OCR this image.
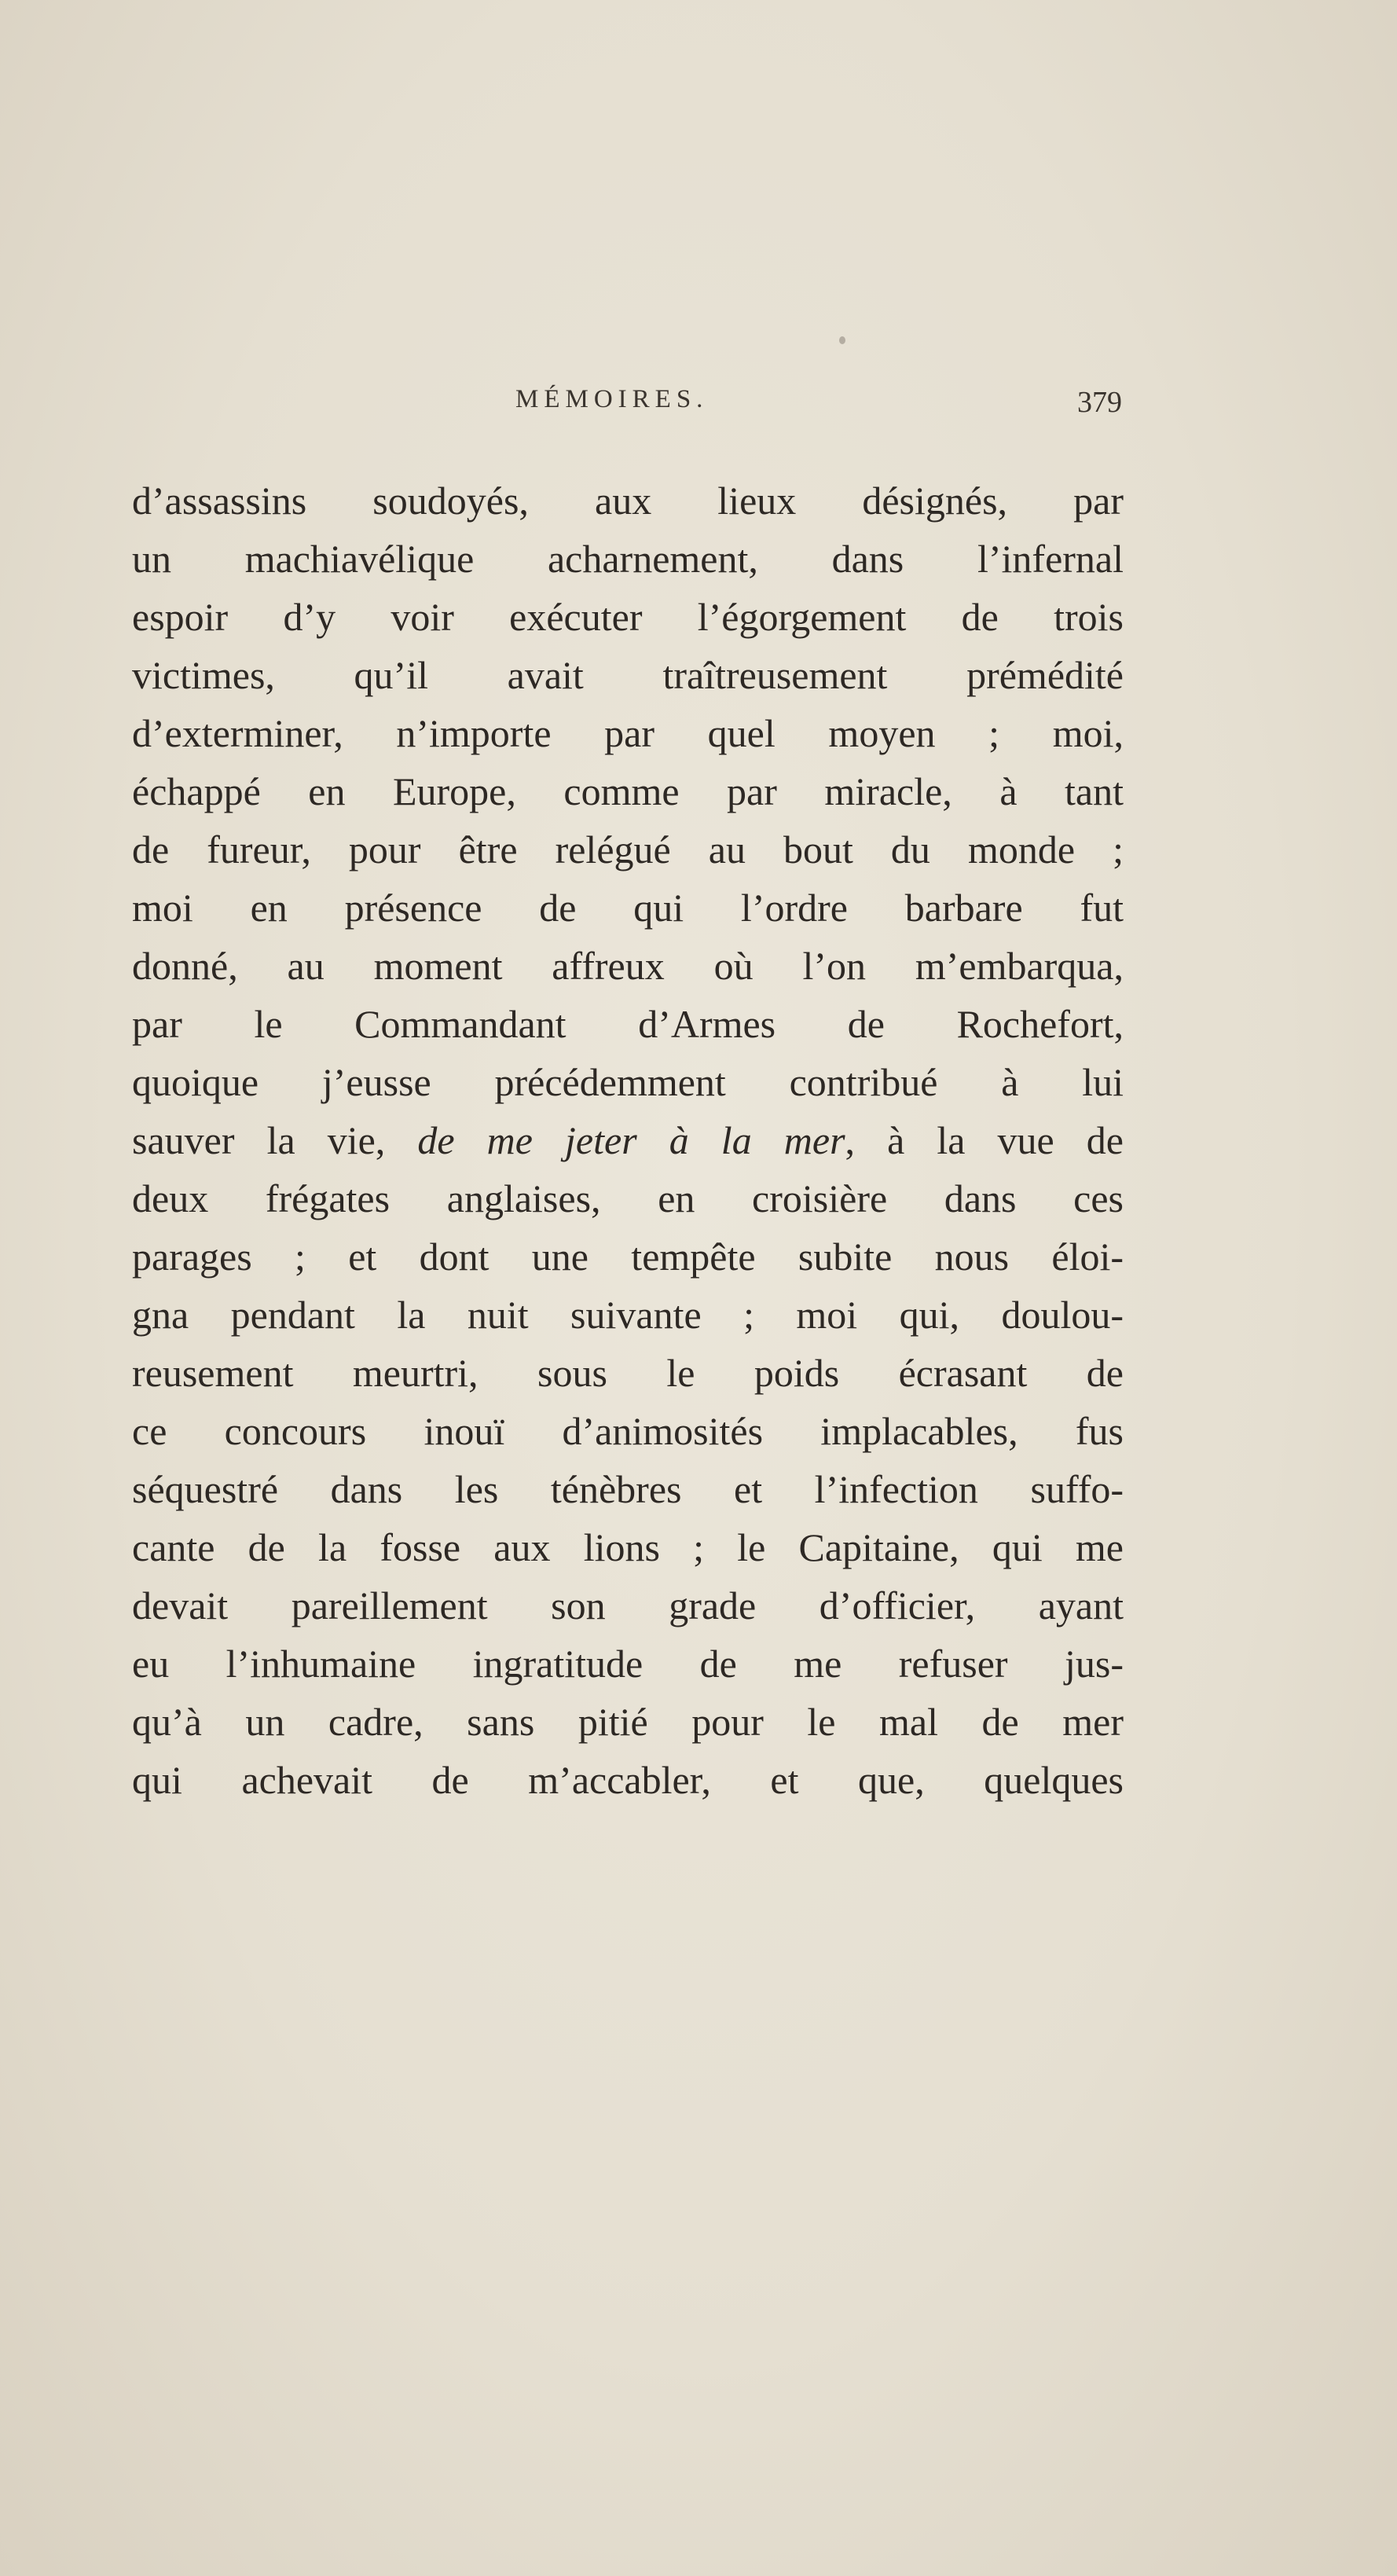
MÉMOIRES.	379
d’assassins soudoyés, aux lieux désignés, par
un machiavélique acharnement, dans l’infernal
espoir d’y voir exécuter l’égorgement de trois
victimes, qu’il avait traîtreusement prémédité
d’exterminer, n’importe par quel moyen ; moi,
échappé en Europe, comme par miracle, à tant
de fureur, pour être relégué au bout du monde ;
moi en présence de qui l’ordre barbare fut
donné, au moment affreux où l’on m’embarqua,
par le Commandant d’Armes de Rochefort,
quoique j’eusse précédemment contribué à lui
sauver la vie, de me jeter à la mer, à la vue de
deux frégates anglaises, en croisière dans ces
parages ; et dont une tempête subite nous éloi-
gna pendant la nuit suivante ; moi qui, doulou-
reusement meurtri, sous le poids écrasant de
ce concours inouï d’animosités implacables, fus
séquestré dans les ténèbres et l’infection suffo-
cante de la fosse aux lions ; le Capitaine, qui me
devait pareillement son grade d’officier, ayant
eu l’inhumaine ingratitude de me refuser jus-
qu’à un cadre, sans pitié pour le mal de mer
qui achevait de m’accabler, et que, quelques
